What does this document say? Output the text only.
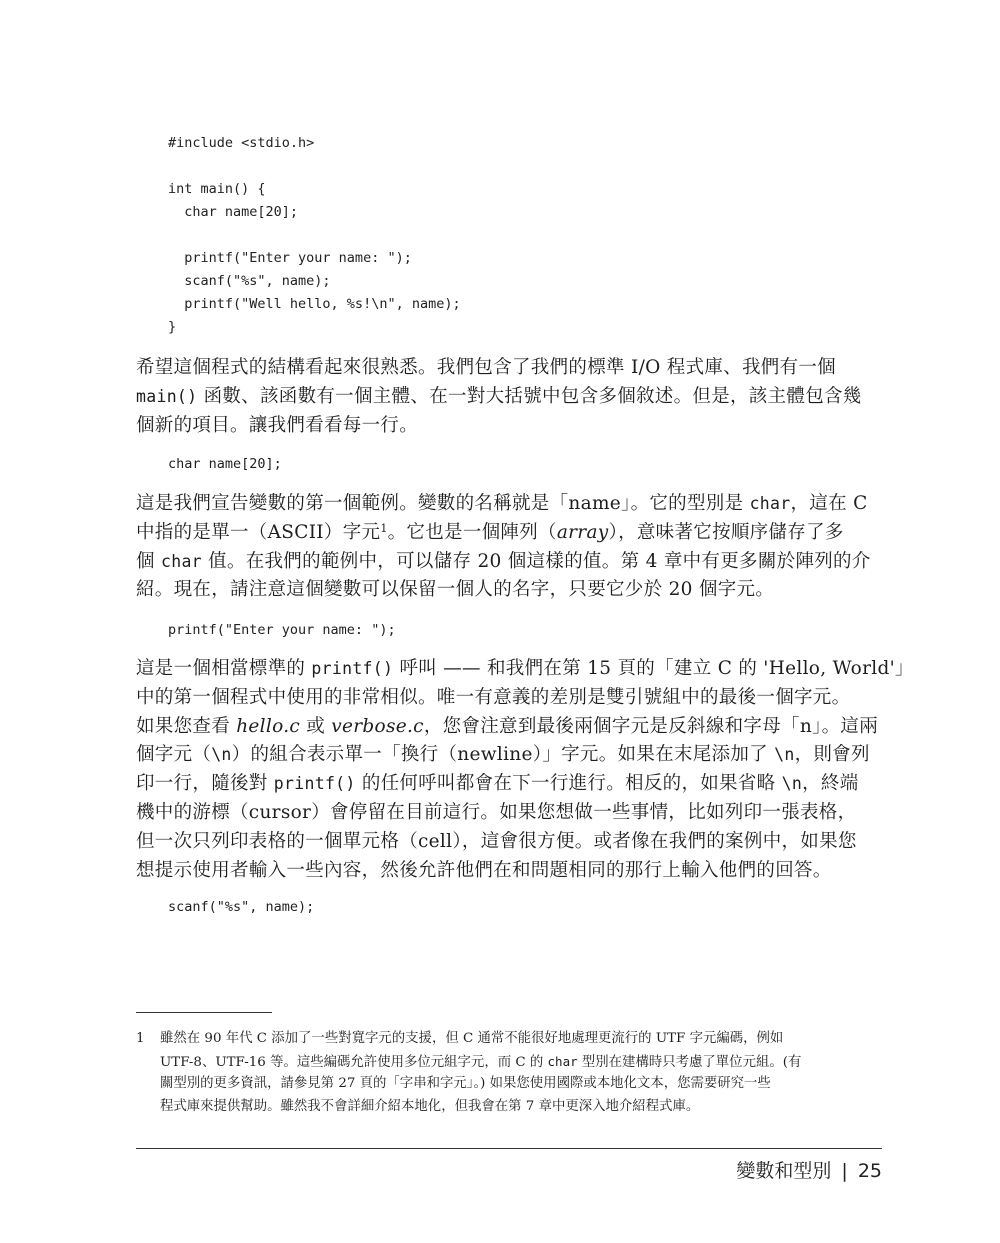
#include <stdio.h>
int main() {
char name[20];
printf("Enter your name: ");
scanf("%s", name);
printf("Well hello, %s!\n", name);
}
希望這個程式的結構看起來很熟悉。我們包含了我們的標準 I/O 程式庫、我們有一個
main() 函數、該函數有一個主體、在一對大括號中包含多個敘述。但是，該主體包含幾
個新的項目。讓我們看看每一行。
char name[20];
這是我們宣告變數的第一個範例。變數的名稱就是「name」。它的型別是 char，這在 C
中指的是單一（ASCII）字元$^1$。它也是一個陣列（array），意味著它按順序儲存了多
個 char 值。在我們的範例中，可以儲存 20 個這樣的值。第 4 章中有更多關於陣列的介
紹。現在，請注意這個變數可以保留一個人的名字，只要它少於 20 個字元。
printf("Enter your name: ");
這是一個相當標準的 printf() 呼叫 —— 和我們在第 15 頁的「建立 C 的 'Hello, World'」
中的第一個程式中使用的非常相似。唯一有意義的差別是雙引號組中的最後一個字元。
如果您查看 hello.c 或 verbose.c，您會注意到最後兩個字元是反斜線和字母「n」。這兩
個字元（\n）的組合表示單一「換行（newline）」字元。如果在末尾添加了 \n，則會列
印一行，隨後對 printf() 的任何呼叫都會在下一行進行。相反的，如果省略 \n，終端
機中的游標（cursor）會停留在目前這行。如果您想做一些事情，比如列印一張表格，
但一次只列印表格的一個單元格（cell），這會很方便。或者像在我們的案例中，如果您
想提示使用者輸入一些內容，然後允許他們在和問題相同的那行上輸入他們的回答。
scanf("%s", name);
1 雖然在 90 年代 C 添加了一些對寬字元的支援，但 C 通常不能很好地處理更流行的 UTF 字元編碼，例如
UTF-8、UTF-16 等。這些編碼允許使用多位元組字元，而 C 的 char 型別在建構時只考慮了單位元組。(有
關型別的更多資訊，請參見第 27 頁的「字串和字元」。) 如果您使用國際或本地化文本，您需要研究一些
程式庫來提供幫助。雖然我不會詳細介紹本地化，但我會在第 7 章中更深入地介紹程式庫。
變數和型別 | 25
